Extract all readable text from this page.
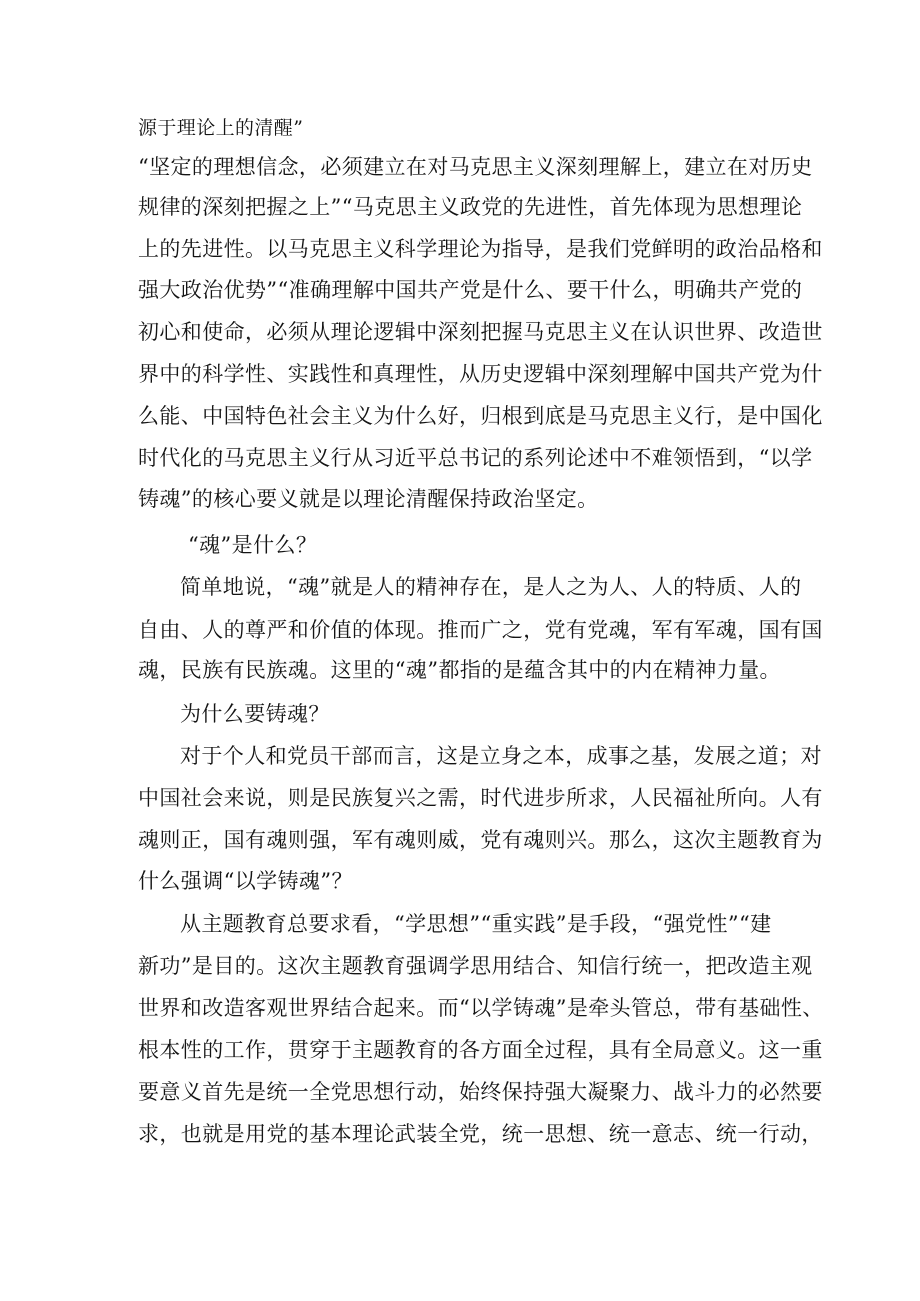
源于理论上的清醒”
“坚定的理想信念，必须建立在对马克思主义深刻理解上，建立在对历史
规律的深刻把握之上”“马克思主义政党的先进性，首先体现为思想理论
上的先进性。以马克思主义科学理论为指导，是我们党鲜明的政治品格和
强大政治优势”“准确理解中国共产党是什么、要干什么，明确共产党的
初心和使命，必须从理论逻辑中深刻把握马克思主义在认识世界、改造世
界中的科学性、实践性和真理性，从历史逻辑中深刻理解中国共产党为什
么能、中国特色社会主义为什么好，归根到底是马克思主义行，是中国化
时代化的马克思主义行从习近平总书记的系列论述中不难领悟到，“以学
铸魂”的核心要义就是以理论清醒保持政治坚定。
“魂”是什么？
简单地说，“魂”就是人的精神存在，是人之为人、人的特质、人的
自由、人的尊严和价值的体现。推而广之，党有党魂，军有军魂，国有国
魂，民族有民族魂。这里的“魂”都指的是蕴含其中的内在精神力量。
为什么要铸魂？
对于个人和党员干部而言，这是立身之本，成事之基，发展之道；对
中国社会来说，则是民族复兴之需，时代进步所求，人民福祉所向。人有
魂则正，国有魂则强，军有魂则威，党有魂则兴。那么，这次主题教育为
什么强调“以学铸魂”？
从主题教育总要求看，“学思想”“重实践”是手段，“强党性”“建
新功”是目的。这次主题教育强调学思用结合、知信行统一，把改造主观
世界和改造客观世界结合起来。而“以学铸魂”是牵头管总，带有基础性、
根本性的工作，贯穿于主题教育的各方面全过程，具有全局意义。这一重
要意义首先是统一全党思想行动，始终保持强大凝聚力、战斗力的必然要
求，也就是用党的基本理论武装全党，统一思想、统一意志、统一行动，
